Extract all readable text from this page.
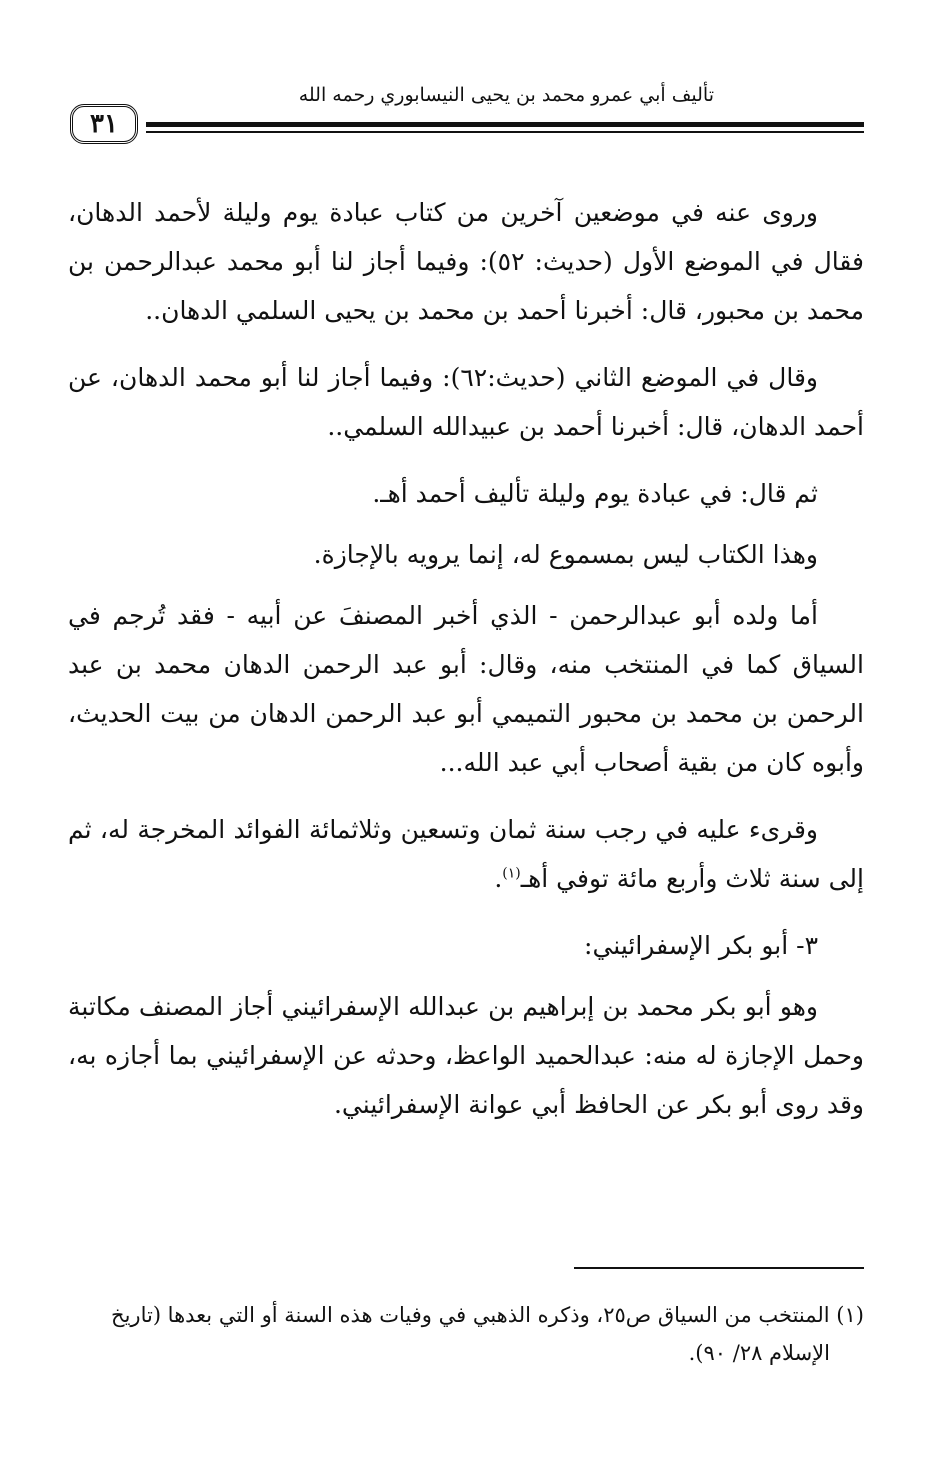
تأليف أبي عمرو محمد بن يحيى النيسابوري رحمه الله
٣١

وروى عنه في موضعين آخرين من كتاب عبادة يوم وليلة لأحمد الدهان، فقال في الموضع الأول (حديث: ٥٢): وفيما أجاز لنا أبو محمد عبدالرحمن بن محمد بن محبور، قال: أخبرنا أحمد بن محمد بن يحيى السلمي الدهان..

وقال في الموضع الثاني (حديث:٦٢): وفيما أجاز لنا أبو محمد الدهان، عن أحمد الدهان، قال: أخبرنا أحمد بن عبيدالله السلمي..

ثم قال: في عبادة يوم وليلة تأليف أحمد أهـ.

وهذا الكتاب ليس بمسموع له، إنما يرويه بالإجازة.

أما ولده أبو عبدالرحمن - الذي أخبر المصنفَ عن أبيه - فقد تُرجم في السياق كما في المنتخب منه، وقال: أبو عبد الرحمن الدهان محمد بن عبد الرحمن بن محمد بن محبور التميمي أبو عبد الرحمن الدهان من بيت الحديث، وأبوه كان من بقية أصحاب أبي عبد الله...

وقرىء عليه في رجب سنة ثمان وتسعين وثلاثمائة الفوائد المخرجة له، ثم إلى سنة ثلاث وأربع مائة توفي أهـ$^{(١)}$.

٣- أبو بكر الإسفرائيني:

وهو أبو بكر محمد بن إبراهيم بن عبدالله الإسفرائيني أجاز المصنف مكاتبة وحمل الإجازة له منه: عبدالحميد الواعظ، وحدثه عن الإسفرائيني بما أجازه به، وقد روى أبو بكر عن الحافظ أبي عوانة الإسفرائيني.

(١) المنتخب من السياق ص٢٥، وذكره الذهبي في وفيات هذه السنة أو التي بعدها (تاريخ
الإسلام ٢٨/ ٩٠).
